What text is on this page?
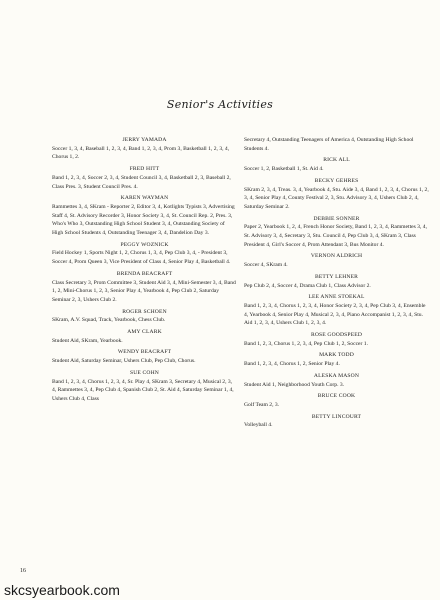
Senior's Activities
JERRY YAMADA
Soccer 1, 3, 4, Baseball 1, 2, 3, 4, Band 1, 2, 3, 4, Prom 3, Basketball 1, 2, 3, 4, Chorus 1, 2.
FRED HITT
Band 1, 2, 3, 4, Soccer 2, 3, 4, Student Council 3, 4, Basketball 2, 3, Baseball 2, Class Pres. 3, Student Council Pres. 4.
KAREN WAYMAN
Rammettes 3, 4, SKram - Reporter 2, Editor 3, 4, Kotlights Typists 3, Advertising Staff 4, St. Advisory Recorder 3, Honor Society 3, 4, St. Council Rep. 2, Pres. 3, Who's Who 3, Outstanding High School Student 3, 4, Outstanding Society of High School Students 4, Outstanding Teenager 3, 4, Dandelion Day 3.
PEGGY WOZNICK
Field Hockey 1, Sports Night 1, 2, Chorus 1, 3, 4, Pep Club 3, 4, - President 3, Soccer 4, Prom Queen 3, Vice President of Class 4, Senior Play 4, Basketball 4.
BRENDA BEACRAFT
Class Secretary 3, Prom Committee 3, Student Aid 3, 4, Mini-Semester 3, 4, Band 1, 2, Mini-Chorus 1, 2, 3, Senior Play 4, Yearbook 4, Pep Club 2, Saturday Seminar 2, 3, Ushers Club 2.
ROGER SCHOEN
SKram, A.V. Squad, Track, Yearbook, Chess Club.
AMY CLARK
Student Aid, SKram, Yearbook.
WENDY BEACRAFT
Student Aid, Saturday Seminar, Ushers Club, Pep Club, Chorus.
SUE COHN
Band 1, 2, 3, 4, Chorus 1, 2, 3, 4, Sr. Play 4, SKram 3, Secretary 4, Musical 2, 3, 4, Rammettes 3, 4, Pep Club 4, Spanish Club 2, St. Aid 4, Saturday Seminar 1, 4, Ushers Club 4, Class
Secretary 4, Outstanding Teenagers of America 4, Outstanding High School Students 4.
RICK ALL
Soccer 1, 2, Basketball 1, St. Aid 4.
BECKY GEHRES
SKram 2, 3, 4, Treas. 3, 4, Yearbook 4, Stu. Aide 3, 4, Band 1, 2, 3, 4, Chorus 1, 2, 3, 4, Senior Play 4, County Festival 2, 3, Stu. Advisory 3, 4, Ushers Club 2, 4, Saturday Seminar 2.
DEBBIE SONNER
Paper 2, Yearbook 1, 2, 4, French Honor Society, Band 1, 2, 3, 4, Rammettes 3, 4, St. Advisory 3, 4, Secretary 3, Stu. Council 4, Pep Club 3, 4, SKram 3, Class President 4, Girl's Soccer 4, Prom Attendant 3, Bus Monitor 4.
VERNON ALDRICH
Soccer 4, SKram 4.
BETTY LEHNER
Pep Club 2, 4, Soccer 4, Drama Club 1, Class Advisor 2.
LEE ANNE STOEKAL
Band 1, 2, 3, 4, Chorus 1, 2, 3, 4, Honor Society 2, 3, 4, Pep Club 3, 4, Ensemble 4, Yearbook 4, Senior Play 4, Musical 2, 3, 4, Piano Accompanist 1, 2, 3, 4, Stu. Aid 1, 2, 3, 4, Ushers Club 1, 2, 3, 4.
ROSE GOODSPEED
Band 1, 2, 3, Chorus 1, 2, 3, 4, Pep Club 1, 2, Soccer 1.
MARK TODD
Band 1, 2, 3, 4, Chorus 1, 2, Senior Play 4.
ALESKA MASON
Student Aid 1, Neighborhood Youth Corp. 3.
BRUCE COOK
Golf Team 2, 3.
BETTY LINCOURT
Volleyball 4.
16
skcsyearbook.com
